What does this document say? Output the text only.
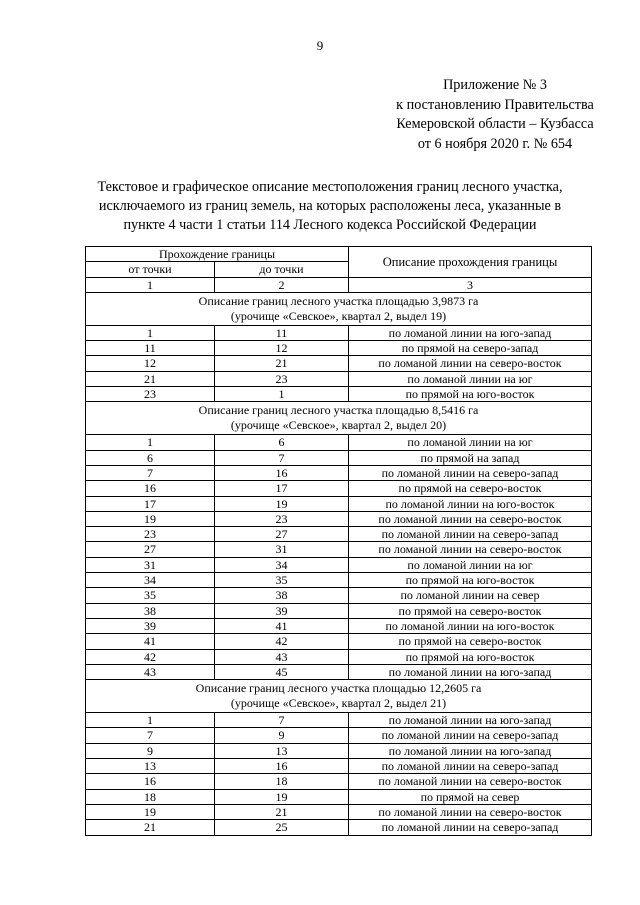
9
Приложение № 3
к постановлению Правительства
Кемеровской области – Кузбасса
от 6 ноября 2020 г. № 654
Текстовое и графическое описание местоположения границ лесного участка,
исключаемого из границ земель, на которых расположены леса, указанные в
пункте 4 части 1 статьи 114 Лесного кодекса Российской Федерации
Прохождение границы		Описание прохождения границы
от точки	до точки	
1	2	3

Описание границ лесного участка площадью 3,9873 га
(урочище «Севское», квартал 2, выдел 19)		

1	11	по ломаной линии на юго-запад
11	12	по прямой на северо-запад
12	21	по ломаной линии на северо-восток
21	23	по ломаной линии на юг
23	1	по прямой на юго-восток

Описание границ лесного участка площадью 8,5416 га
(урочище «Севское», квартал 2, выдел 20)		

1	6	по ломаной линии на юг
6	7	по прямой на запад
7	16	по ломаной линии на северо-запад
16	17	по прямой на северо-восток
17	19	по ломаной линии на юго-восток
19	23	по ломаной линии на северо-восток
23	27	по ломаной линии на северо-запад
27	31	по ломаной линии на северо-восток
31	34	по ломаной линии на юг
34	35	по прямой на юго-восток
35	38	по ломаной линии на север
38	39	по прямой на северо-восток
39	41	по ломаной линии на юго-восток
41	42	по прямой на северо-восток
42	43	по прямой на юго-восток
43	45	по ломаной линии на юго-запад

Описание границ лесного участка площадью 12,2605 га
(урочище «Севское», квартал 2, выдел 21)		

1	7	по ломаной линии на юго-запад
7	9	по ломаной линии на северо-запад
9	13	по ломаной линии на юго-запад
13	16	по ломаной линии на северо-запад
16	18	по ломаной линии на северо-восток
18	19	по прямой на север
19	21	по ломаной линии на северо-восток
21	25	по ломаной линии на северо-запад
